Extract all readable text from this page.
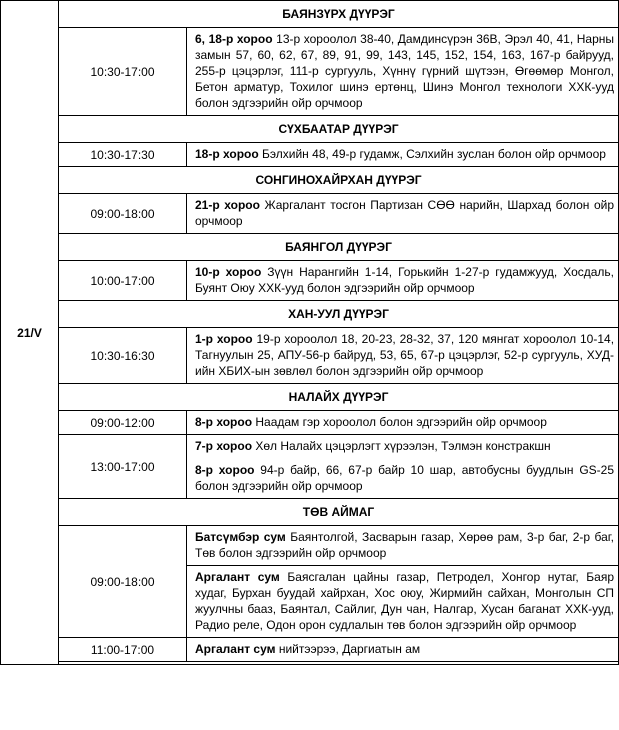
21/V	БАЯНЗҮРХ ДҮҮРЭГ	
	10:30-17:00	6, 18-р хороо 13-р хороолол 38-40, Дамдинсүрэн 36В, Эрэл 40, 41, Нарны замын 57, 60, 62, 67, 89, 91, 99, 143, 145, 152, 154, 163, 167-р байрууд, 255-р цэцэрлэг, 111-р сургууль, Хүннү гүрний шүтээн, Өгөөмөр Монгол, Бетон арматур, Тохилог шинэ ертөнц, Шинэ Монгол технологи ХХК-ууд болон эдгээрийн ойр орчмоор
	СҮХБААТАР ДҮҮРЭГ	
	10:30-17:30	18-р хороо Бэлхийн 48, 49-р гудамж, Сэлхийн зуслан болон ойр орчмоор
	СОНГИНОХАЙРХАН ДҮҮРЭГ	
	09:00-18:00	21-р хороо Жаргалант тосгон Партизан СӨӨ нарийн, Шархад болон ойр орчмоор
	БАЯНГОЛ ДҮҮРЭГ	
	10:00-17:00	10-р хороо Зүүн Нарангийн 1-14, Горькийн 1-27-р гудамжууд, Хосдаль, Буянт Оюу ХХК-ууд болон эдгээрийн ойр орчмоор
	ХАН-УУЛ ДҮҮРЭГ	
	10:30-16:30	1-р хороо 19-р хороолол 18, 20-23, 28-32, 37, 120 мянгат хороолол 10-14, Тагнуулын 25, АПУ-56-р байруд, 53, 65, 67-р цэцэрлэг, 52-р сургууль, ХУД-ийн ХБИХ-ын зөвлөл болон эдгээрийн ойр орчмоор
	НАЛАЙХ ДҮҮРЭГ	
	09:00-12:00	8-р хороо Наадам гэр хороолол болон эдгээрийн ойр орчмоор
	13:00-17:00	7-р хороо Хөл Налайх цэцэрлэгт хүрээлэн, Тэлмэн констракшн
8-р хороо 94-р байр, 66, 67-р байр 10 шар, автобусны буудлын GS-25 болон эдгээрийн ойр орчмоор

	ТӨВ АЙМАГ	
	09:00-18:00	Батсүмбэр сум Баянтолгой, Засварын газар, Хөрөө рам, 3-р баг, 2-р баг, Төв болон эдгээрийн ойр орчмоор
		Аргалант сум Баясгалан цайны газар, Петродел, Хонгор нутаг, Баяр худаг, Бурхан буудай хайрхан, Хос оюу, Жирмийн сайхан, Монголын СП жуулчны бааз, Баянтал, Сайлиг, Дун чан, Налгар, Хусан баганат ХХК-ууд, Радио реле, Одон орон судлалын төв болон эдгээрийн ойр орчмоор
	11:00-17:00	Аргалант сум нийтээрээ, Даргиатын ам
